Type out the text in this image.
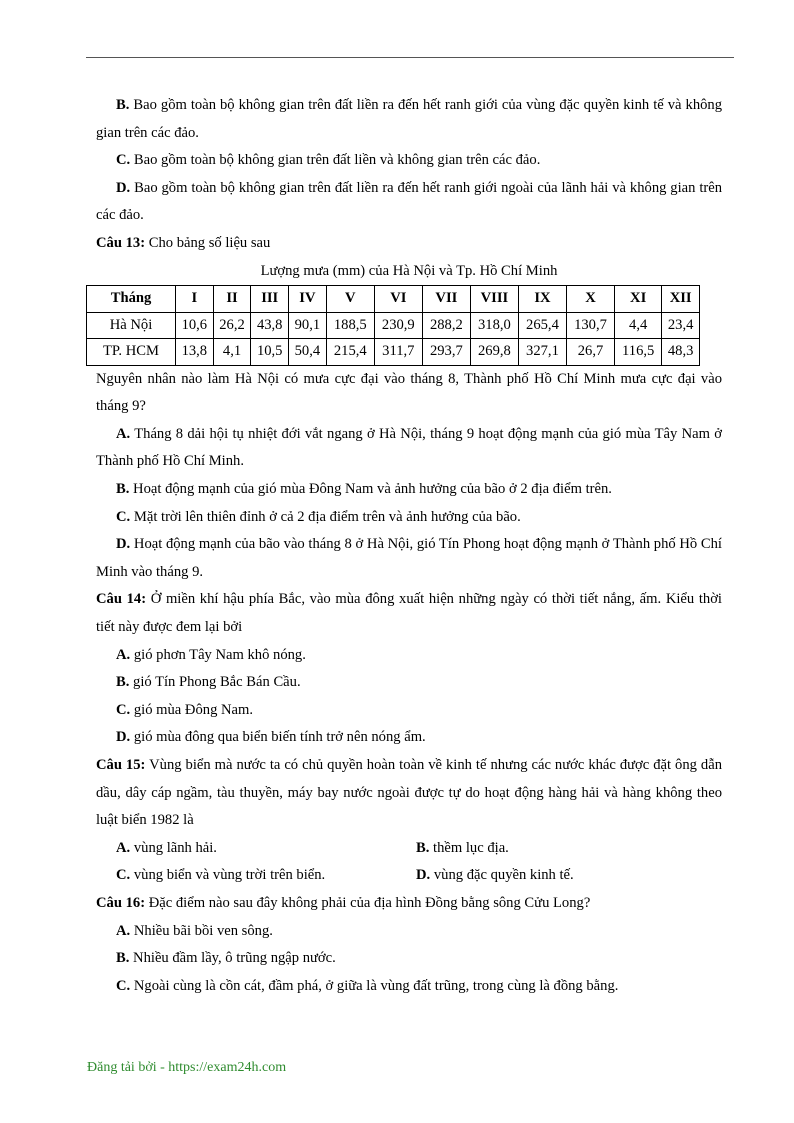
B. Bao gồm toàn bộ không gian trên đất liền ra đến hết ranh giới của vùng đặc quyền kinh tế và không gian trên các đảo.

C. Bao gồm toàn bộ không gian trên đất liền và không gian trên các đảo.

D. Bao gồm toàn bộ không gian trên đất liền ra đến hết ranh giới ngoài của lãnh hải và không gian trên các đảo.

Câu 13: Cho bảng số liệu sau

Lượng mưa (mm) của Hà Nội và Tp. Hồ Chí Minh

Tháng	I	II	III	IV	V	VI	VII	VIII	IX	X	XI	XII
Hà Nội	10,6	26,2	43,8	90,1	188,5	230,9	288,2	318,0	265,4	130,7	4,4	23,4
TP. HCM	13,8	4,1	10,5	50,4	215,4	311,7	293,7	269,8	327,1	26,7	116,5	48,3

Nguyên nhân nào làm Hà Nội có mưa cực đại vào tháng 8, Thành phố Hồ Chí Minh mưa cực đại vào tháng 9?

A. Tháng 8 dải hội tụ nhiệt đới vắt ngang ở Hà Nội, tháng 9 hoạt động mạnh của gió mùa Tây Nam ở Thành phố Hồ Chí Minh.

B. Hoạt động mạnh của gió mùa Đông Nam và ảnh hưởng của bão ở 2 địa điểm trên.

C. Mặt trời lên thiên đỉnh ở cả 2 địa điểm trên và ảnh hưởng của bão.

D. Hoạt động mạnh của bão vào tháng 8 ở Hà Nội, gió Tín Phong hoạt động mạnh ở Thành phố Hồ Chí Minh vào tháng 9.

Câu 14: Ở miền khí hậu phía Bắc, vào mùa đông xuất hiện những ngày có thời tiết nắng, ấm. Kiểu thời tiết này được đem lại bởi

A. gió phơn Tây Nam khô nóng.

B. gió Tín Phong Bắc Bán Cầu.

C. gió mùa Đông Nam.

D. gió mùa đông qua biển biến tính trở nên nóng ẩm.

Câu 15: Vùng biển mà nước ta có chủ quyền hoàn toàn về kinh tế nhưng các nước khác được đặt ông dẫn dầu, dây cáp ngầm, tàu thuyền, máy bay nước ngoài được tự do hoạt động hàng hải và hàng không theo luật biển 1982 là

A. vùng lãnh hải.	B. thềm lục địa.
C. vùng biển và vùng trời trên biển.	D. vùng đặc quyền kinh tế.

Câu 16: Đặc điểm nào sau đây không phải của địa hình Đồng bằng sông Cửu Long?

A. Nhiều bãi bồi ven sông.

B. Nhiều đầm lầy, ô trũng ngập nước.

C. Ngoài cùng là cồn cát, đầm phá, ở giữa là vùng đất trũng, trong cùng là đồng bằng.

Đăng tải bởi - https://exam24h.com
